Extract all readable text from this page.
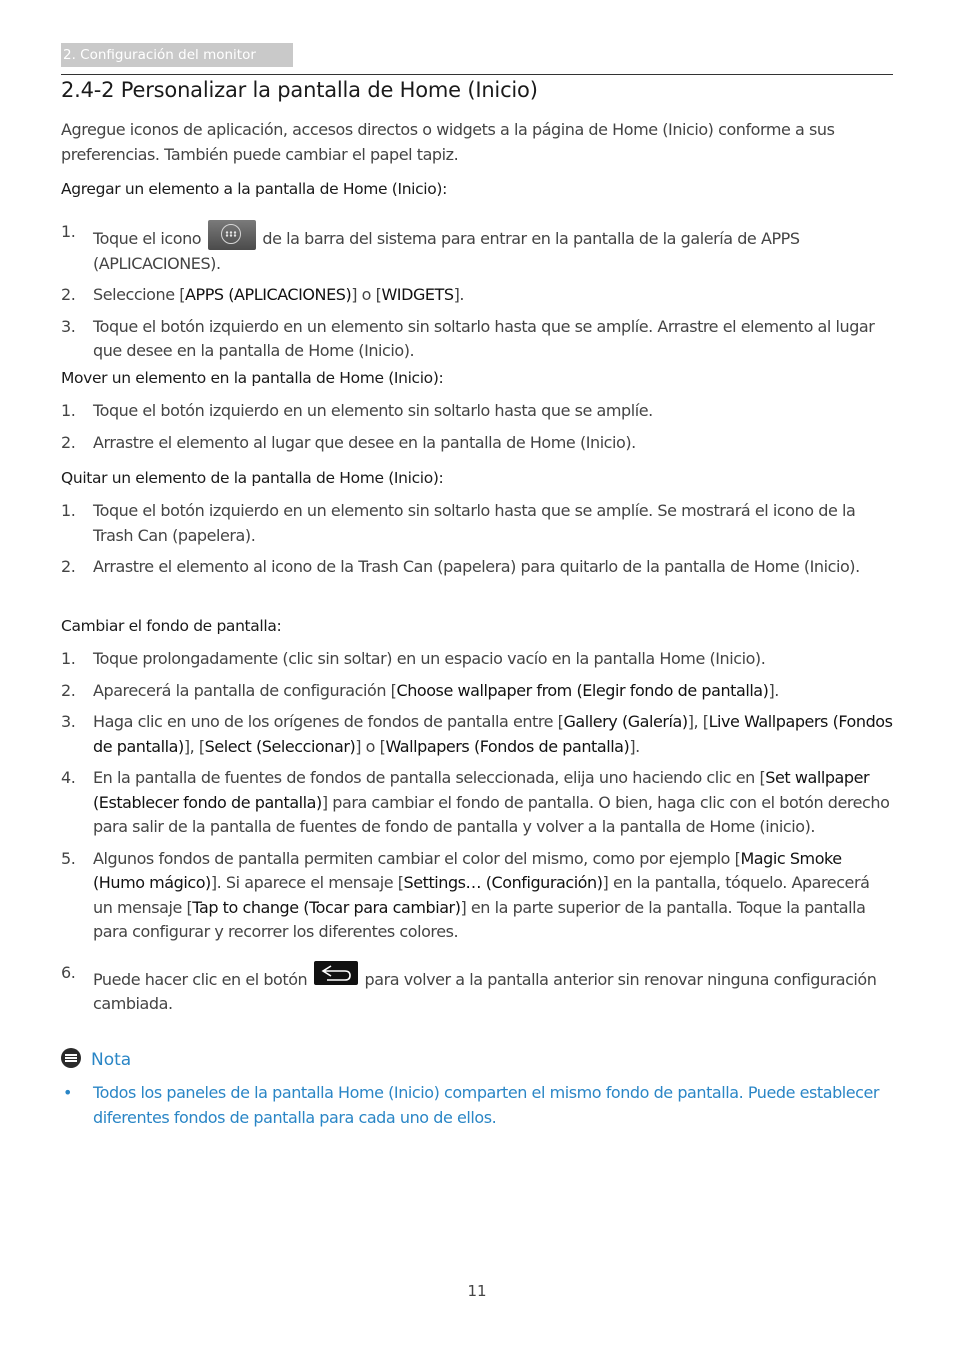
2. Configuración del monitor
2.4-2 Personalizar la pantalla de Home (Inicio)

Agregue iconos de aplicación, accesos directos o widgets a la página de Home (Inicio) conforme a sus preferencias. También puede cambiar el papel tapiz.

Agregar un elemento a la pantalla de Home (Inicio):

1. Toque el icono	de la barra del sistema para entrar en la pantalla de la galería de APPS (APLICACIONES).
2. Seleccione [APPS (APLICACIONES)] o [WIDGETS].
3. Toque el botón izquierdo en un elemento sin soltarlo hasta que se amplíe. Arrastre el elemento al lugar que desee en la pantalla de Home (Inicio).

Mover un elemento en la pantalla de Home (Inicio):

1. Toque el botón izquierdo en un elemento sin soltarlo hasta que se amplíe.
2. Arrastre el elemento al lugar que desee en la pantalla de Home (Inicio).

Quitar un elemento de la pantalla de Home (Inicio):

1. Toque el botón izquierdo en un elemento sin soltarlo hasta que se amplíe. Se mostrará el icono de la Trash Can (papelera).
2. Arrastre el elemento al icono de la Trash Can (papelera) para quitarlo de la pantalla de Home (Inicio).

Cambiar el fondo de pantalla:

1. Toque prolongadamente (clic sin soltar) en un espacio vacío en la pantalla Home (Inicio).
2. Aparecerá la pantalla de configuración [Choose wallpaper from (Elegir fondo de pantalla)].
3. Haga clic en uno de los orígenes de fondos de pantalla entre [Gallery (Galería)], [Live Wallpapers (Fondos de pantalla)], [Select (Seleccionar)] o [Wallpapers (Fondos de pantalla)].
4. En la pantalla de fuentes de fondos de pantalla seleccionada, elija uno haciendo clic en [Set wallpaper (Establecer fondo de pantalla)] para cambiar el fondo de pantalla. O bien, haga clic con el botón derecho para salir de la pantalla de fuentes de fondo de pantalla y volver a la pantalla de Home (inicio).
5. Algunos fondos de pantalla permiten cambiar el color del mismo, como por ejemplo [Magic Smoke (Humo mágico)]. Si aparece el mensaje [Settings… (Configuración)] en la pantalla, tóquelo. Aparecerá un mensaje [Tap to change (Tocar para cambiar)] en la parte superior de la pantalla. Toque la pantalla para configurar y recorrer los diferentes colores.
6. Puede hacer clic en el botón	para volver a la pantalla anterior sin renovar ninguna configuración cambiada.
Nota
• Todos los paneles de la pantalla Home (Inicio) comparten el mismo fondo de pantalla. Puede establecer diferentes fondos de pantalla para cada uno de ellos.
11
